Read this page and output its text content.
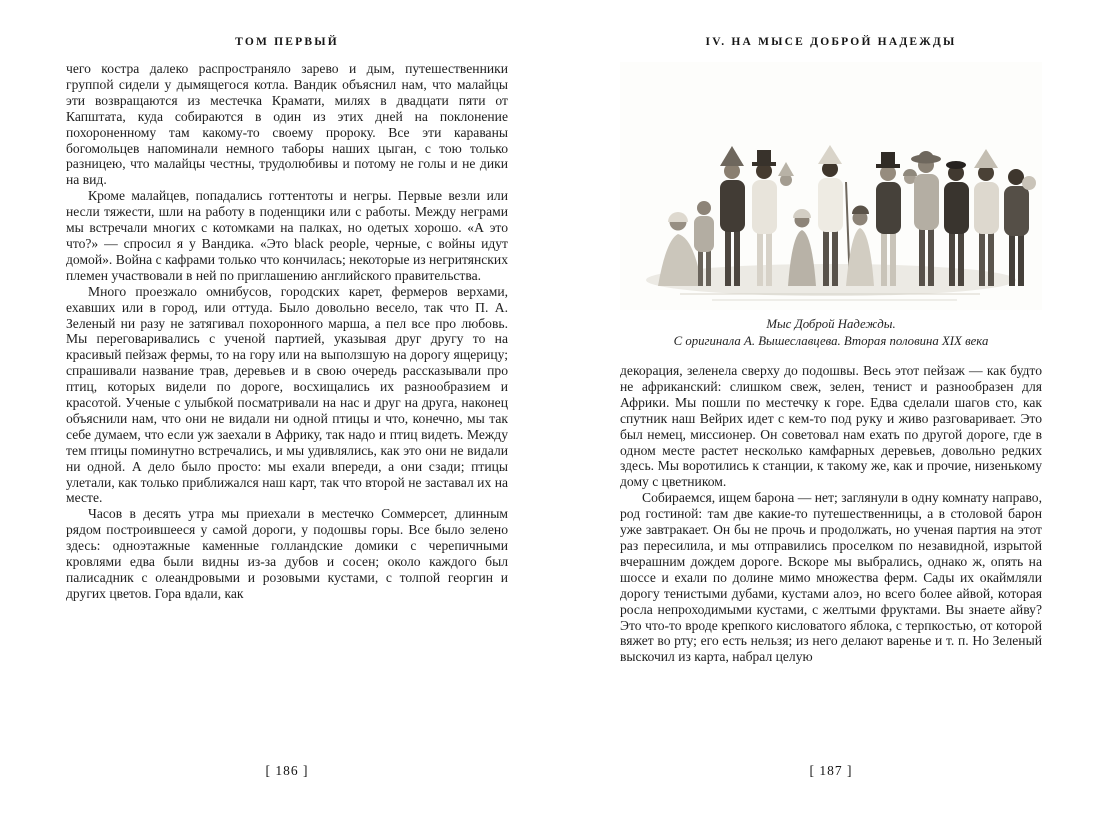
ТОМ ПЕРВЫЙ

чего костра далеко распространяло зарево и дым, путешественники группой сидели у дымящегося котла. Вандик объяснил нам, что малайцы эти возвращаются из местечка Крамати, милях в двадцати пяти от Капштата, куда собираются в один из этих дней на поклонение похороненному там какому-то своему пророку. Все эти караваны богомольцев напоминали немного таборы наших цыган, с тою только разницею, что малайцы честны, трудолюбивы и потому не голы и не дики на вид.

Кроме малайцев, попадались готтентоты и негры. Первые везли или несли тяжести, шли на работу в поденщики или с работы. Между неграми мы встречали многих с котомками на палках, но одетых хорошо. «А это что?» — спросил я у Вандика. «Это black people, черные, с войны идут домой». Война с кафрами только что кончилась; некоторые из негритянских племен участвовали в ней по приглашению английского правительства.

Много проезжало омнибусов, городских карет, фермеров верхами, ехавших или в город, или оттуда. Было довольно весело, так что П. А. Зеленый ни разу не затягивал похоронного марша, а пел все про любовь. Мы переговаривались с ученой партией, указывая друг другу то на красивый пейзаж фермы, то на гору или на выползшую на дорогу ящерицу; спрашивали название трав, деревьев и в свою очередь рассказывали про птиц, которых видели по дороге, восхищались их разнообразием и красотой. Ученые с улыбкой посматривали на нас и друг на друга, наконец объяснили нам, что они не видали ни одной птицы и что, конечно, мы так себе думаем, что если уж заехали в Африку, так надо и птиц видеть. Между тем птицы поминутно встречались, и мы удивлялись, как это они не видали ни одной. А дело было просто: мы ехали впереди, а они сзади; птицы улетали, как только приближался наш карт, так что второй не заставал их на месте.

Часов в десять утра мы приехали в местечко Соммерсет, длинным рядом построившееся у самой дороги, у подошвы горы. Все было зелено здесь: одноэтажные каменные голландские домики с черепичными кровлями едва были видны из-за дубов и сосен; около каждого был палисадник с олеандровыми и розовыми кустами, с толпой георгин и других цветов. Гора вдали, как

[ 186 ]
IV. НА МЫСЕ ДОБРОЙ НАДЕЖДЫ
Мыс Доброй Надежды.
С оригинала А. Вышеславцева. Вторая половина XIX века

декорация, зеленела сверху до подошвы. Весь этот пейзаж — как будто не африканский: слишком свеж, зелен, тенист и разнообразен для Африки. Мы пошли по местечку к горе. Едва сделали шагов сто, как спутник наш Вейрих идет с кем-то под руку и живо разговаривает. Это был немец, миссионер. Он советовал нам ехать по другой дороге, где в одном месте растет несколько камфарных деревьев, довольно редких здесь. Мы воротились к станции, к такому же, как и прочие, низенькому дому с цветником.

Собираемся, ищем барона — нет; заглянули в одну комнату направо, род гостиной: там две какие-то путешественницы, а в столовой барон уже завтракает. Он бы не прочь и продолжать, но ученая партия на этот раз пересилила, и мы отправились проселком по незавидной, изрытой вчерашним дождем дороге. Вскоре мы выбрались, однако ж, опять на шоссе и ехали по долине мимо множества ферм. Сады их окаймляли дорогу тенистыми дубами, кустами алоэ, но всего более айвой, которая росла непроходимыми кустами, с желтыми фруктами. Вы знаете айву? Это что-то вроде крепкого кисловатого яблока, с терпкостью, от которой вяжет во рту; его есть нельзя; из него делают варенье и т. п. Но Зеленый выскочил из карта, набрал целую

[ 187 ]
